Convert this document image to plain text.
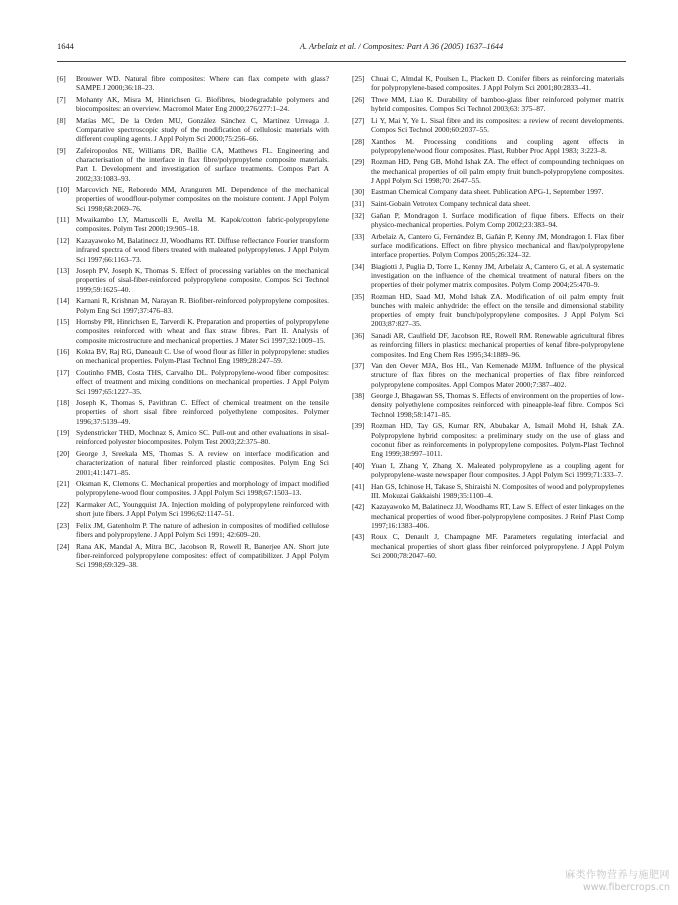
1644	A. Arbelaiz et al. / Composites: Part A 36 (2005) 1637–1644
[6] Brouwer WD. Natural fibre composites: Where can flax compete with glass? SAMPE J 2000;36:18–23.
[7] Mohanty AK, Misra M, Hinrichsen G. Biofibres, biodegradable polymers and biocomposites: an overview. Macromol Mater Eng 2000;276/277:1–24.
[8] Matías MC, De la Orden MU, González Sánchez C, Martínez Urreaga J. Comparative spectroscopic study of the modification of cellulosic materials with different coupling agents. J Appl Polym Sci 2000;75:256–66.
[9] Zafeiropoulos NE, Williams DR, Baillie CA, Matthews FL. Engineering and characterisation of the interface in flax fibre/polypropylene composite materials. Part I. Development and investigation of surface treatments. Compos Part A 2002;33:1083–93.
[10] Marcovich NE, Reboredo MM, Aranguren MI. Dependence of the mechanical properties of woodflour-polymer composites on the moisture content. J Appl Polym Sci 1998;68:2069–76.
[11] Mwaikambo LY, Martuscelli E, Avella M. Kapok/cotton fabric-polypropylene composites. Polym Test 2000;19:905–18.
[12] Kazayawoko M, Balatinecz JJ, Woodhams RT. Diffuse reflectance Fourier transform infrared spectra of wood fibers treated with maleated polypropylenes. J Appl Polym Sci 1997;66:1163–73.
[13] Joseph PV, Joseph K, Thomas S. Effect of processing variables on the mechanical properties of sisal-fiber-reinforced polypropylene composite. Compos Sci Technol 1999;59:1625–40.
[14] Karnani R, Krishnan M, Narayan R. Biofiber-reinforced polypropylene composites. Polym Eng Sci 1997;37:476–83.
[15] Hornsby PR, Hinrichsen E, Tarverdi K. Preparation and properties of polypropylene composites reinforced with wheat and flax straw fibres. Part II. Analysis of composite microstructure and mechanical properties. J Mater Sci 1997;32:1009–15.
[16] Kokta BV, Raj RG, Daneault C. Use of wood flour as filler in polypropylene: studies on mechanical properties. Polym-Plast Technol Eng 1989;28:247–59.
[17] Coutinho FMB, Costa THS, Carvalho DL. Polypropylene-wood fiber composites: effect of treatment and mixing conditions on mechanical properties. J Appl Polym Sci 1997;65:1227–35.
[18] Joseph K, Thomas S, Pavithran C. Effect of chemical treatment on the tensile properties of short sisal fibre reinforced polyethylene composites. Polymer 1996;37:5139–49.
[19] Sydenstricker THD, Mochnaz S, Amico SC. Pull-out and other evaluations in sisal-reinforced polyester biocomposites. Polym Test 2003;22:375–80.
[20] George J, Sreekala MS, Thomas S. A review on interface modification and characterization of natural fiber reinforced plastic composites. Polym Eng Sci 2001;41:1471–85.
[21] Oksman K, Clemons C. Mechanical properties and morphology of impact modified polypropylene-wood flour composites. J Appl Polym Sci 1998;67:1503–13.
[22] Karmaker AC, Youngquist JA. Injection molding of polypropylene reinforced with short jute fibers. J Appl Polym Sci 1996;62:1147–51.
[23] Felix JM, Gatenholm P. The nature of adhesion in composites of modified cellulose fibers and polypropylene. J Appl Polym Sci 1991; 42:609–20.
[24] Rana AK, Mandal A, Mitra BC, Jacobson R, Rowell R, Banerjee AN. Short jute fiber-reinforced polypropylene composites: effect of compatibilizer. J Appl Polym Sci 1998;69:329–38.
[25] Chuai C, Almdal K, Poulsen L, Plackett D. Conifer fibers as reinforcing materials for polypropylene-based composites. J Appl Polym Sci 2001;80:2833–41.
[26] Thwe MM, Liao K. Durability of bamboo-glass fiber reinforced polymer matrix hybrid composites. Compos Sci Technol 2003;63: 375–87.
[27] Li Y, Mai Y, Ye L. Sisal fibre and its composites: a review of recent developments. Compos Sci Technol 2000;60:2037–55.
[28] Xanthos M. Processing conditions and coupling agent effects in polypropylene/wood flour composites. Plast, Rubber Proc Appl 1983; 3:223–8.
[29] Rozman HD, Peng GB, Mohd Ishak ZA. The effect of compounding techniques on the mechanical properties of oil palm empty fruit bunch-polypropylene composites. J Appl Polym Sci 1998;70: 2647–55.
[30] Eastman Chemical Company data sheet. Publication APG-1, September 1997.
[31] Saint-Gobain Vetrotex Company technical data sheet.
[32] Gañan P, Mondragon I. Surface modification of fique fibers. Effects on their physico-mechanical properties. Polym Comp 2002;23:383–94.
[33] Arbelaiz A, Cantero G, Fernández B, Gañán P, Kenny JM, Mondragon I. Flax fiber surface modifications. Effect on fibre physico mechanical and flax/polypropylene interface properties. Polym Compos 2005;26:324–32.
[34] Biagiotti J, Puglia D, Torre L, Kenny JM, Arbelaiz A, Cantero G, et al. A systematic investigation on the influence of the chemical treatment of natural fibers on the properties of their polymer matrix composites. Polym Comp 2004;25:470–9.
[35] Rozman HD, Saad MJ, Mohd Ishak ZA. Modification of oil palm empty fruit bunches with maleic anhydride: the effect on the tensile and dimensional stability properties of empty fruit bunch/polypropylene composites. J Appl Polym Sci 2003;87:827–35.
[36] Sanadi AR, Caulfield DF, Jacobson RE, Rowell RM. Renewable agricultural fibres as reinforcing fillers in plastics: mechanical properties of kenaf fibre-polypropylene composites. Ind Eng Chem Res 1995;34:1889–96.
[37] Van den Oever MJA, Bos HL, Van Kemenade MJJM. Influence of the physical structure of flax fibres on the mechanical properties of flax fibre reinforced polypropylene composites. Appl Compos Mater 2000;7:387–402.
[38] George J, Bhagawan SS, Thomas S. Effects of environment on the properties of low-density polyethylene composites reinforced with pineapple-leaf fibre. Compos Sci Technol 1998;58:1471–85.
[39] Rozman HD, Tay GS, Kumar RN, Abubakar A, Ismail Mohd H, Ishak ZA. Polypropylene hybrid composites: a preliminary study on the use of glass and coconut fiber as reinforcements in polypropylene composites. Polym-Plast Technol Eng 1999;38:997–1011.
[40] Yuan I, Zhang Y, Zhang X. Maleated polypropylene as a coupling agent for polypropylene-waste newspaper flour composites. J Appl Polym Sci 1999;71:333–7.
[41] Han GS, Ichinose H, Takase S, Shiraishi N. Composites of wood and polypropylenes III. Mokuzai Gakkaishi 1989;35:1100–4.
[42] Kazayawoko M, Balatinecz JJ, Woodhams RT, Law S. Effect of ester linkages on the mechanical properties of wood fiber-polypropylene composites. J Reinf Plast Comp 1997;16:1383–406.
[43] Roux C, Denault J, Champagne MF. Parameters regulating interfacial and mechanical properties of short glass fiber reinforced polypropylene. J Appl Polym Sci 2000;78:2047–60.
麻类作物营养与施肥网
www.fibercrops.cn
